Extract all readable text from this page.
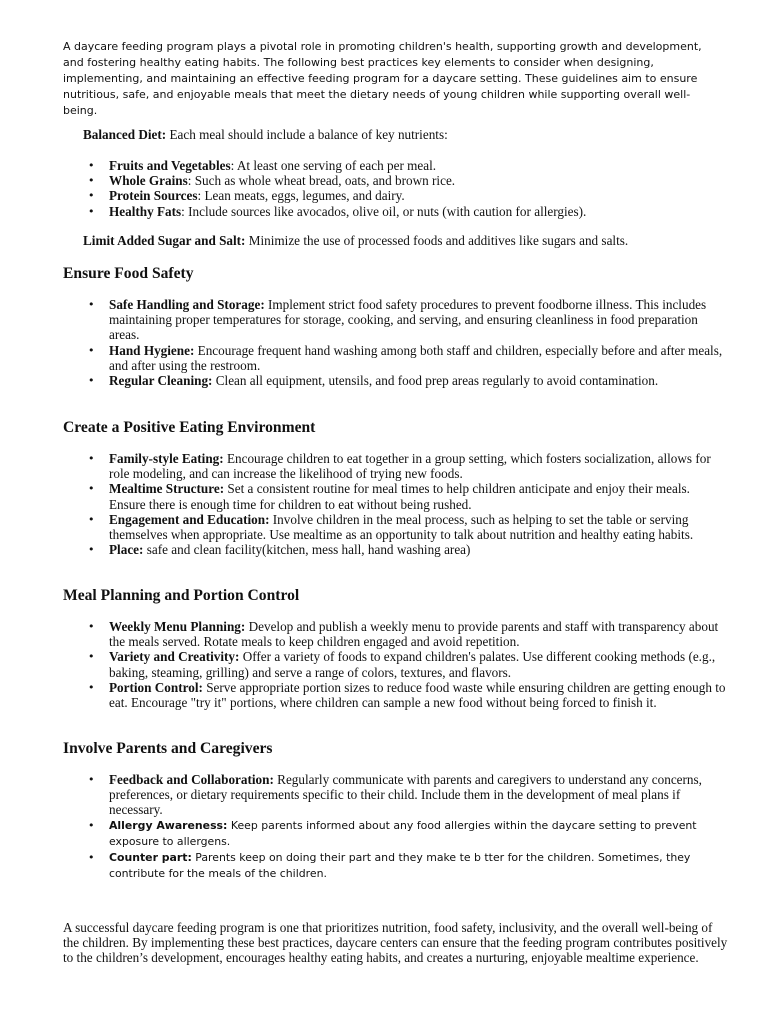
A daycare feeding program plays a pivotal role in promoting children's health, supporting growth and development, and fostering healthy eating habits. The following best practices key elements to consider when designing, implementing, and maintaining an effective feeding program for a daycare setting. These guidelines aim to ensure nutritious, safe, and enjoyable meals that meet the dietary needs of young children while supporting overall well-being.

Balanced Diet: Each meal should include a balance of key nutrients:

• Fruits and Vegetables: At least one serving of each per meal.
• Whole Grains: Such as whole wheat bread, oats, and brown rice.
• Protein Sources: Lean meats, eggs, legumes, and dairy.
• Healthy Fats: Include sources like avocados, olive oil, or nuts (with caution for allergies).

Limit Added Sugar and Salt: Minimize the use of processed foods and additives like sugars and salts.

Ensure Food Safety
• Safe Handling and Storage: Implement strict food safety procedures to prevent foodborne illness. This includes maintaining proper temperatures for storage, cooking, and serving, and ensuring cleanliness in food preparation areas.
• Hand Hygiene: Encourage frequent hand washing among both staff and children, especially before and after meals, and after using the restroom.
• Regular Cleaning: Clean all equipment, utensils, and food prep areas regularly to avoid contamination.
Create a Positive Eating Environment
• Family-style Eating: Encourage children to eat together in a group setting, which fosters socialization, allows for role modeling, and can increase the likelihood of trying new foods.
• Mealtime Structure: Set a consistent routine for meal times to help children anticipate and enjoy their meals. Ensure there is enough time for children to eat without being rushed.
• Engagement and Education: Involve children in the meal process, such as helping to set the table or serving themselves when appropriate. Use mealtime as an opportunity to talk about nutrition and healthy eating habits.
• Place: safe and clean facility(kitchen, mess hall, hand washing area)
Meal Planning and Portion Control
• Weekly Menu Planning: Develop and publish a weekly menu to provide parents and staff with transparency about the meals served. Rotate meals to keep children engaged and avoid repetition.
• Variety and Creativity: Offer a variety of foods to expand children's palates. Use different cooking methods (e.g., baking, steaming, grilling) and serve a range of colors, textures, and flavors.
• Portion Control: Serve appropriate portion sizes to reduce food waste while ensuring children are getting enough to eat. Encourage "try it" portions, where children can sample a new food without being forced to finish it.
Involve Parents and Caregivers
• Feedback and Collaboration: Regularly communicate with parents and caregivers to understand any concerns, preferences, or dietary requirements specific to their child. Include them in the development of meal plans if necessary.
• Allergy Awareness: Keep parents informed about any food allergies within the daycare setting to prevent exposure to allergens.
• Counter part: Parents keep on doing their part and they make te b tter for the children. Sometimes, they contribute for the meals of the children.

A successful daycare feeding program is one that prioritizes nutrition, food safety, inclusivity, and the overall well-being of the children. By implementing these best practices, daycare centers can ensure that the feeding program contributes positively to the children’s development, encourages healthy eating habits, and creates a nurturing, enjoyable mealtime experience.
